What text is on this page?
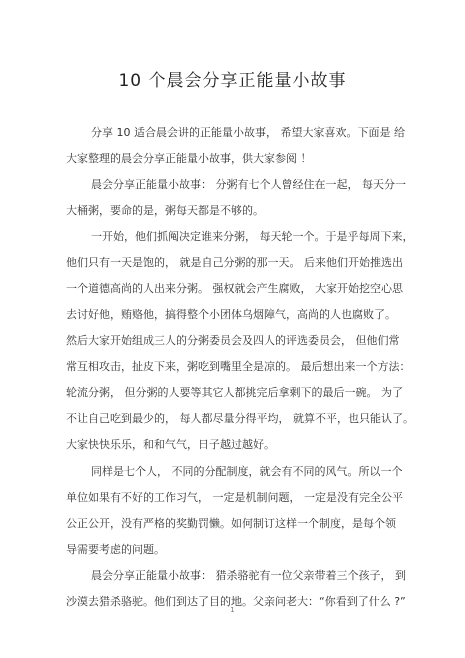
10 个晨会分享正能量小故事
分享 10 适合晨会讲的正能量小故事， 希望大家喜欢。下面是 给
大家整理的晨会分享正能量小故事，供大家参阅 ！
晨会分享正能量小故事： 分粥有七个人曾经住在一起， 每天分一
大桶粥，要命的是，粥每天都是不够的。
一开始，他们抓阄决定谁来分粥， 每天轮一个。于是乎每周下来，
他们只有一天是饱的， 就是自己分粥的那一天。 后来他们开始推选出
一个道德高尚的人出来分粥。 强权就会产生腐败， 大家开始挖空心思
去讨好他，贿赂他，搞得整个小团体乌烟障气，高尚的人也腐败了。
然后大家开始组成三人的分粥委员会及四人的评选委员会， 但他们常
常互相攻击，扯皮下来，粥吃到嘴里全是凉的。 最后想出来一个方法：
轮流分粥， 但分粥的人要等其它人都挑完后拿剩下的最后一碗。 为了
不让自己吃到最少的， 每人都尽量分得平均， 就算不平，也只能认了。
大家快快乐乐，和和气气，日子越过越好。
同样是七个人， 不同的分配制度，就会有不同的风气。所以一个
单位如果有不好的工作习气， 一定是机制问题， 一定是没有完全公平
公正公开，没有严格的奖勤罚懒。如何制订这样一个制度，是每个领
导需要考虑的问题。
晨会分享正能量小故事： 猎杀骆驼有一位父亲带着三个孩子， 到
沙漠去猎杀骆驼。他们到达了目的地。父亲问老大：“你看到了什么 ?”
1
